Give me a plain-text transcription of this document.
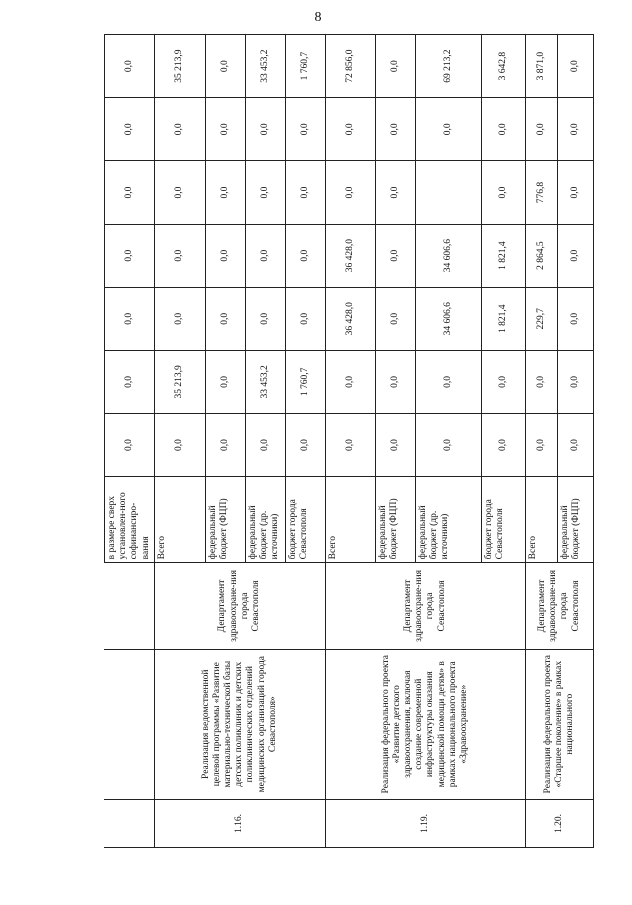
8
			в размере сверх установлен-ного софинансиро-вания	0,0	0,0	0,0	0,0	0,0	0,0	0,0
1.16.	Реализация ведомственной целевой программы «Развитие материально-технической базы детских поликлиник и детских поликлинических отделений медицинских организаций города Севастополя»	Департамент здравоохране-ния города Севастополя	Всего	0,0	35 213,9	0,0	0,0	0,0	0,0	35 213,9
			федеральный бюджет (ФЦП)	0,0	0,0	0,0	0,0	0,0	0,0	0,0
			федеральный бюджет (др. источники)	0,0	33 453,2	0,0	0,0	0,0	0,0	33 453,2
			бюджет города Севастополя	0,0	1 760,7	0,0	0,0	0,0	0,0	1 760,7
1.19.	Реализация федерального проекта «Развитие детского здравоохранения, включая создание современной инфраструктуры оказания медицинской помощи детям» в рамках национального проекта «Здравоохранение»	Департамент здравоохране-ния города Севастополя	Всего	0,0	0,0	36 428,0	36 428,0	0,0	0,0	72 856,0
			федеральный бюджет (ФЦП)	0,0	0,0	0,0	0,0	0,0	0,0	0,0
			федеральный бюджет (др. источники)	0,0	0,0	34 606,6	34 606,6		0,0	69 213,2
			бюджет города Севастополя	0,0	0,0	1 821,4	1 821,4	0,0	0,0	3 642,8
1.20.	Реализация федерального проекта «Старшее поколение» в рамках национального	Департамент здравоохране-ния города Севастополя	Всего	0,0	0,0	229,7	2 864,5	776,8	0,0	3 871,0
			федеральный бюджет (ФЦП)	0,0	0,0	0,0	0,0	0,0	0,0	0,0
